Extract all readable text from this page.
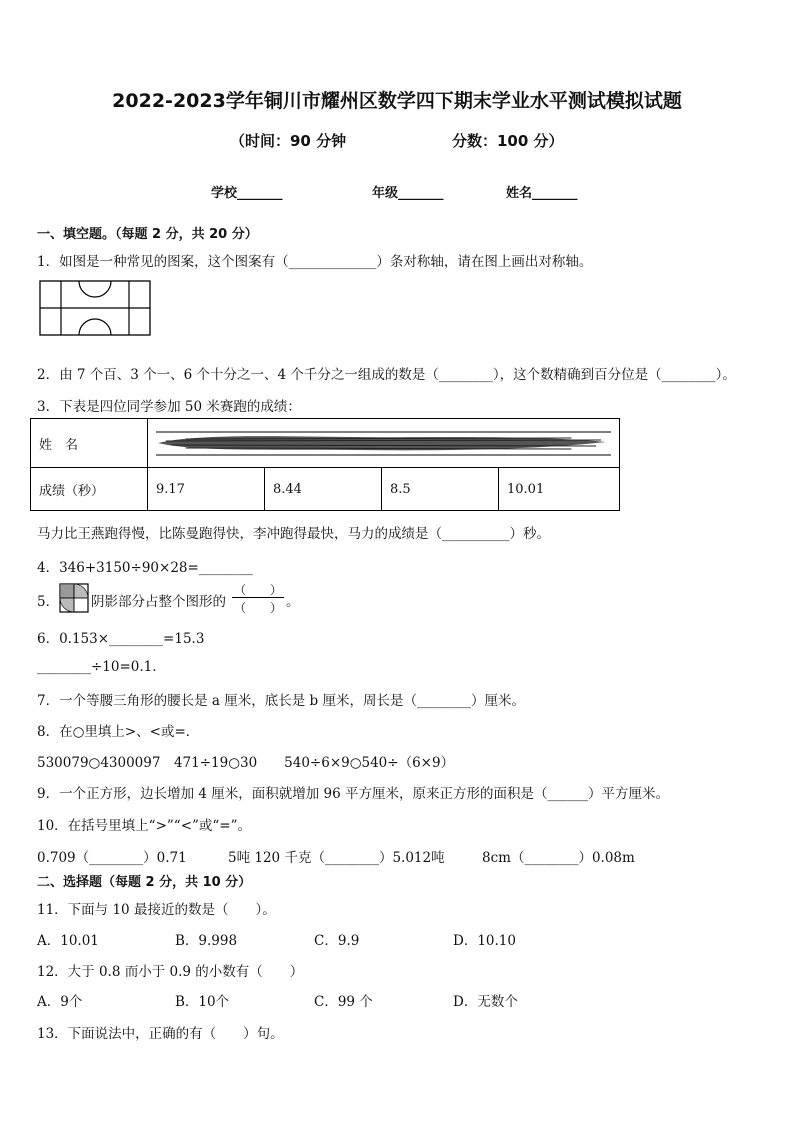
2022-2023学年铜川市耀州区数学四下期末学业水平测试模拟试题
（时间：90 分钟	分数：100 分）
学校_______	年级_______	姓名_______
一、填空题。（每题 2 分，共 20 分）
1．如图是一种常见的图案，这个图案有（_____________）条对称轴，请在图上画出对称轴。
2．由 7 个百、3 个一、6 个十分之一、4 个千分之一组成的数是（________），这个数精确到百分位是（________）。
3．下表是四位同学参加 50 米赛跑的成绩：
姓　名	

成绩（秒）	9.17	8.44	8.5	10.01
马力比王燕跑得慢，比陈曼跑得快，李冲跑得最快，马力的成绩是（__________）秒。
4．346+3150÷90×28=________
5． 阴影部分占整个图形的
（　　）
（　　） 。
6．0.153×________=15.3
________÷10=0.1.
7．一个等腰三角形的腰长是 a 厘米，底长是 b 厘米，周长是（________）厘米。
8．在○里填上>、<或=．
530079○4300097　471÷19○30　　540÷6×9○540÷（6×9）
9．一个正方形，边长增加 4 厘米，面积就增加 96 平方厘米，原来正方形的面积是（______）平方厘米。
10．在括号里填上“>”“<”或“=”。
0.709（________）0.71	5吨 120 千克（________）5.012吨	8cm（________）0.08m
二、选择题（每题 2 分，共 10 分）
11．下面与 10 最接近的数是（　　）。
A．10.01	B．9.998	C．9.9	D．10.10
12．大于 0.8 而小于 0.9 的小数有（　　）
A．9个	B．10个	C．99 个	D．无数个
13．下面说法中，正确的有（　　）句。
